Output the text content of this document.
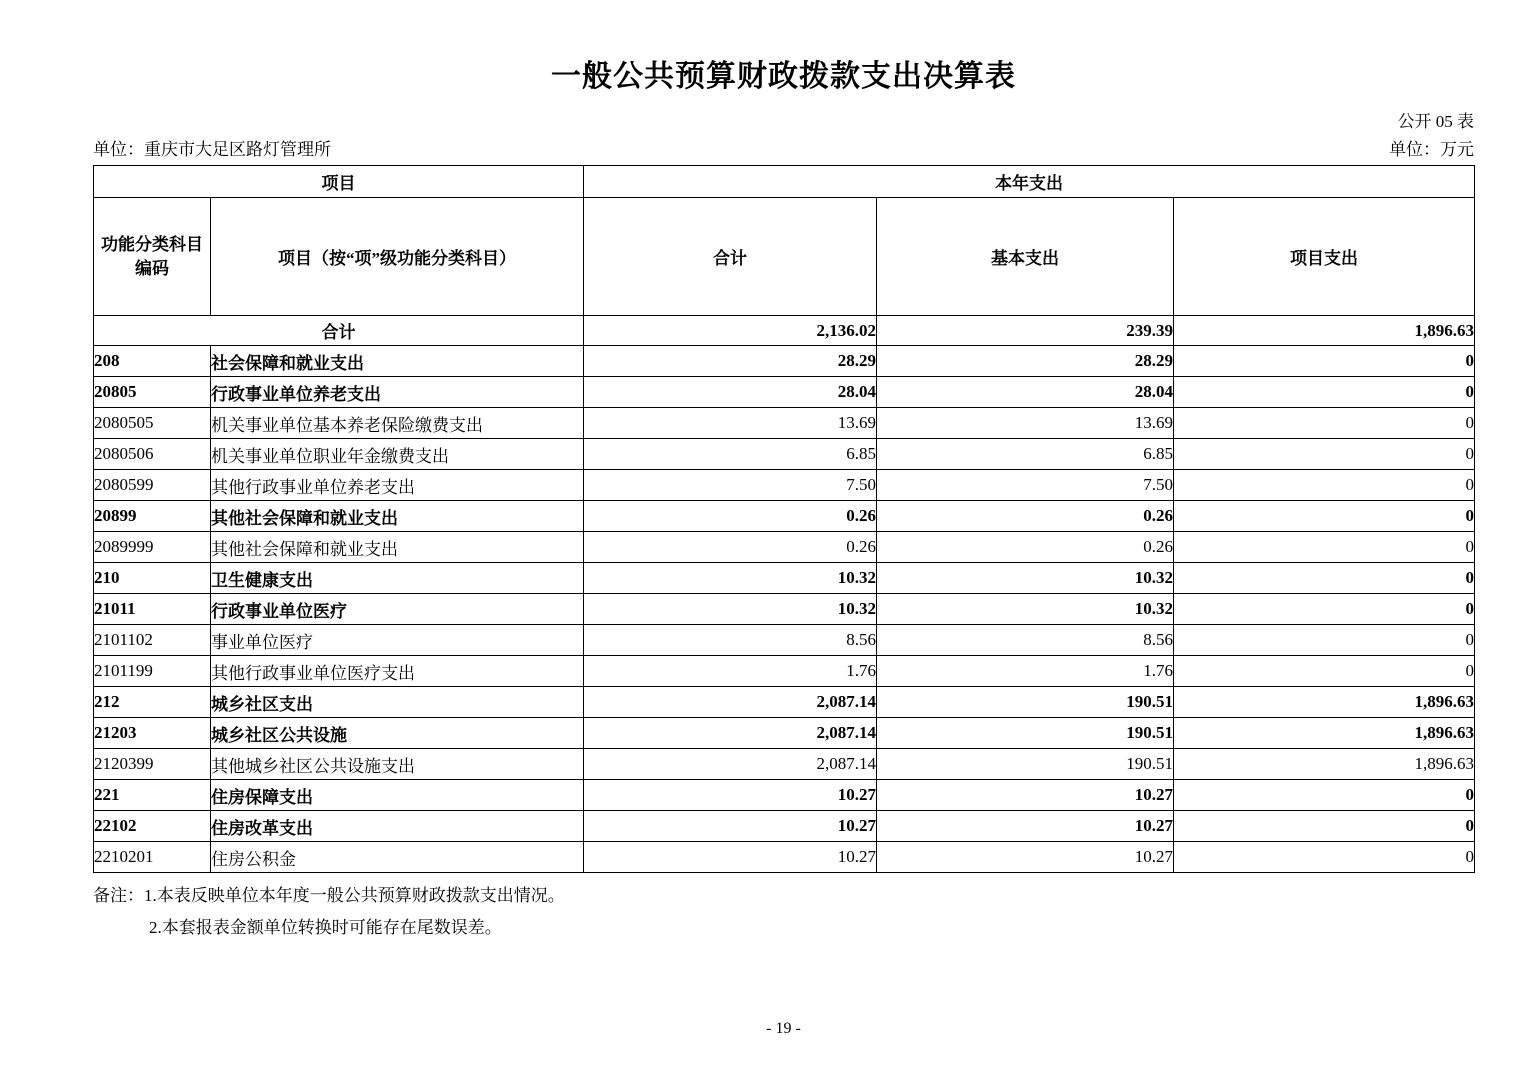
一般公共预算财政拨款支出决算表
公开 05 表
单位：重庆市大足区路灯管理所	单位：万元
项目		本年支出		

功能分类科目
编码	项目（按“项”级功能分类科目）	合计	基本支出	项目支出
合计		2,136.02	239.39	1,896.63
208	社会保障和就业支出	28.29	28.29	0
20805	行政事业单位养老支出	28.04	28.04	0
2080505	机关事业单位基本养老保险缴费支出	13.69	13.69	0
2080506	机关事业单位职业年金缴费支出	6.85	6.85	0
2080599	其他行政事业单位养老支出	7.50	7.50	0
20899	其他社会保障和就业支出	0.26	0.26	0
2089999	其他社会保障和就业支出	0.26	0.26	0
210	卫生健康支出	10.32	10.32	0
21011	行政事业单位医疗	10.32	10.32	0
2101102	事业单位医疗	8.56	8.56	0
2101199	其他行政事业单位医疗支出	1.76	1.76	0
212	城乡社区支出	2,087.14	190.51	1,896.63
21203	城乡社区公共设施	2,087.14	190.51	1,896.63
2120399	其他城乡社区公共设施支出	2,087.14	190.51	1,896.63
221	住房保障支出	10.27	10.27	0
22102	住房改革支出	10.27	10.27	0
2210201	住房公积金	10.27	10.27	0
备注：1.本表反映单位本年度一般公共预算财政拨款支出情况。
2.本套报表金额单位转换时可能存在尾数误差。
- 19 -
